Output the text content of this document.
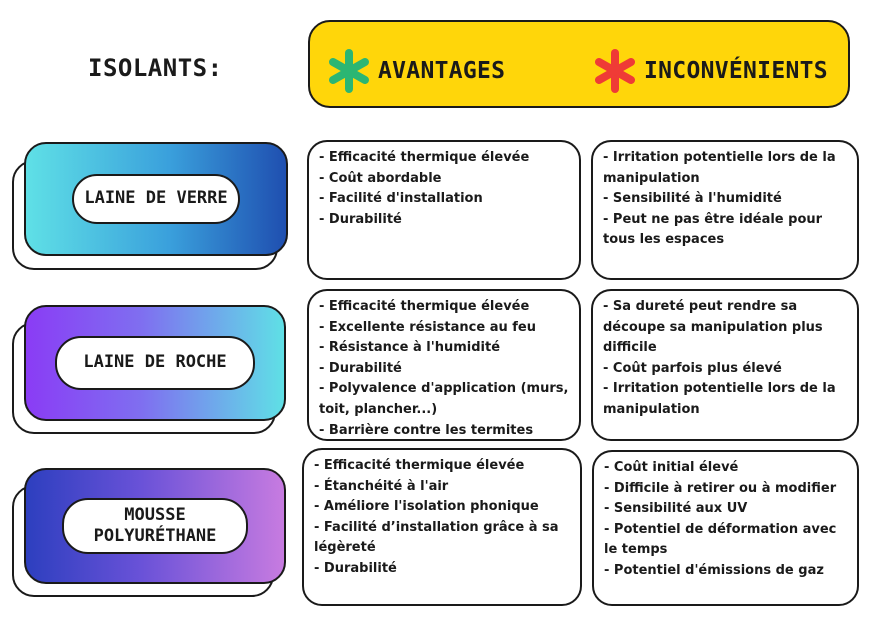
ISOLANTS:	AVANTAGES	INCONVÉNIENTS
LAINE DE VERRE
- Efficacité thermique élevée
- Coût abordable
- Facilité d'installation
- Durabilité
- Irritation potentielle lors de la manipulation
- Sensibilité à l'humidité
- Peut ne pas être idéale pour tous les espaces
LAINE DE ROCHE
- Efficacité thermique élevée
- Excellente résistance au feu
- Résistance à l'humidité
- Durabilité
- Polyvalence d'application (murs, toit, plancher...)
- Barrière contre les termites
- Sa dureté peut rendre sa découpe sa manipulation plus difficile
- Coût parfois plus élevé
- Irritation potentielle lors de la manipulation
MOUSSE
POLYURÉTHANE
- Efficacité thermique élevée
- Étanchéité à l'air
- Améliore l'isolation phonique
- Facilité d’installation grâce à sa légèreté
- Durabilité
- Coût initial élevé
- Difficile à retirer ou à modifier
- Sensibilité aux UV
- Potentiel de déformation avec le temps
- Potentiel d'émissions de gaz
